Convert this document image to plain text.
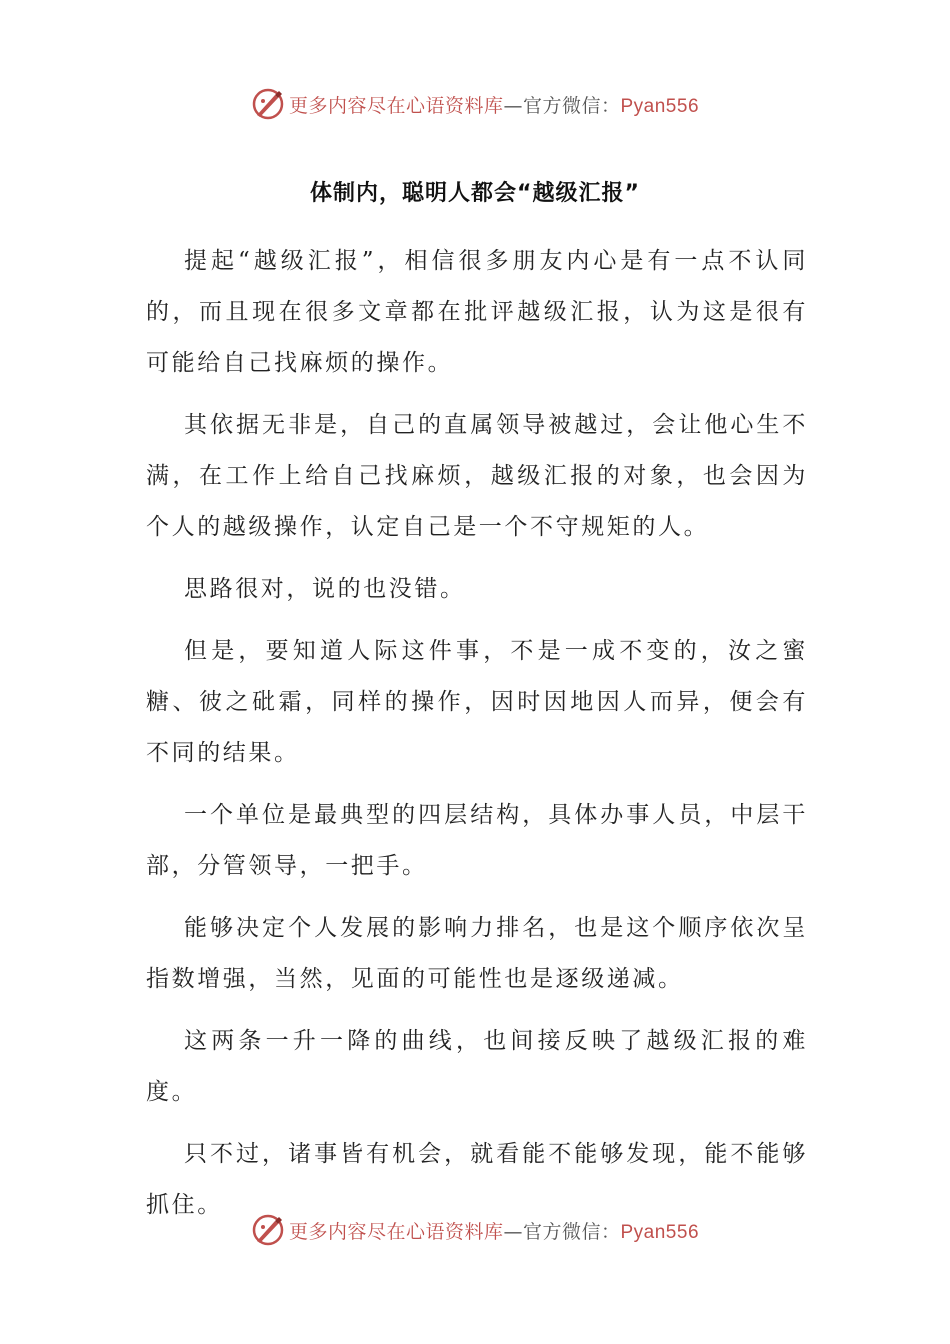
更多内容尽在心语资料库—官方微信：Pyan556
体制内，聪明人都会“越级汇报”

提起“越级汇报”，相信很多朋友内心是有一点不认同的，而且现在很多文章都在批评越级汇报，认为这是很有可能给自己找麻烦的操作。

其依据无非是，自己的直属领导被越过，会让他心生不满，在工作上给自己找麻烦，越级汇报的对象，也会因为个人的越级操作，认定自己是一个不守规矩的人。

思路很对，说的也没错。

但是，要知道人际这件事，不是一成不变的，汝之蜜糖、彼之砒霜，同样的操作，因时因地因人而异，便会有不同的结果。

一个单位是最典型的四层结构，具体办事人员，中层干部，分管领导，一把手。

能够决定个人发展的影响力排名，也是这个顺序依次呈指数增强，当然，见面的可能性也是逐级递减。

这两条一升一降的曲线，也间接反映了越级汇报的难度。

只不过，诸事皆有机会，就看能不能够发现，能不能够抓住。

更多内容尽在心语资料库—官方微信：Pyan556
